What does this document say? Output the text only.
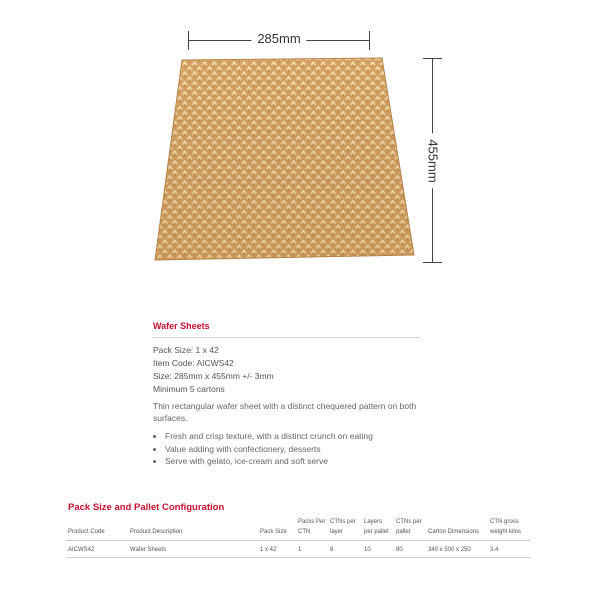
285mm
455mm

Wafer Sheets

Pack Size: 1 x 42

Item Code: AICWS42

Size: 285mm x 455mm +/- 3mm

Minimum 5 cartons

Thin rectangular wafer sheet with a distinct chequered pattern on both surfaces.

• Fresh and crisp texture, with a distinct crunch on eating
• Value adding with confectionery, desserts
• Serve with gelato, ice-cream and soft serve
Pack Size and Pallet Configuration
Product Code	Product Description	Pack Size	Packs Per CTN	CTNs per layer	Layers per pallet	CTNs per pallet	Carton Dimensions	CTN gross weight kilos
AICWS42	Wafer Sheets	1 x 42	1	8	10	80	340 x 500 x 250	3.4
